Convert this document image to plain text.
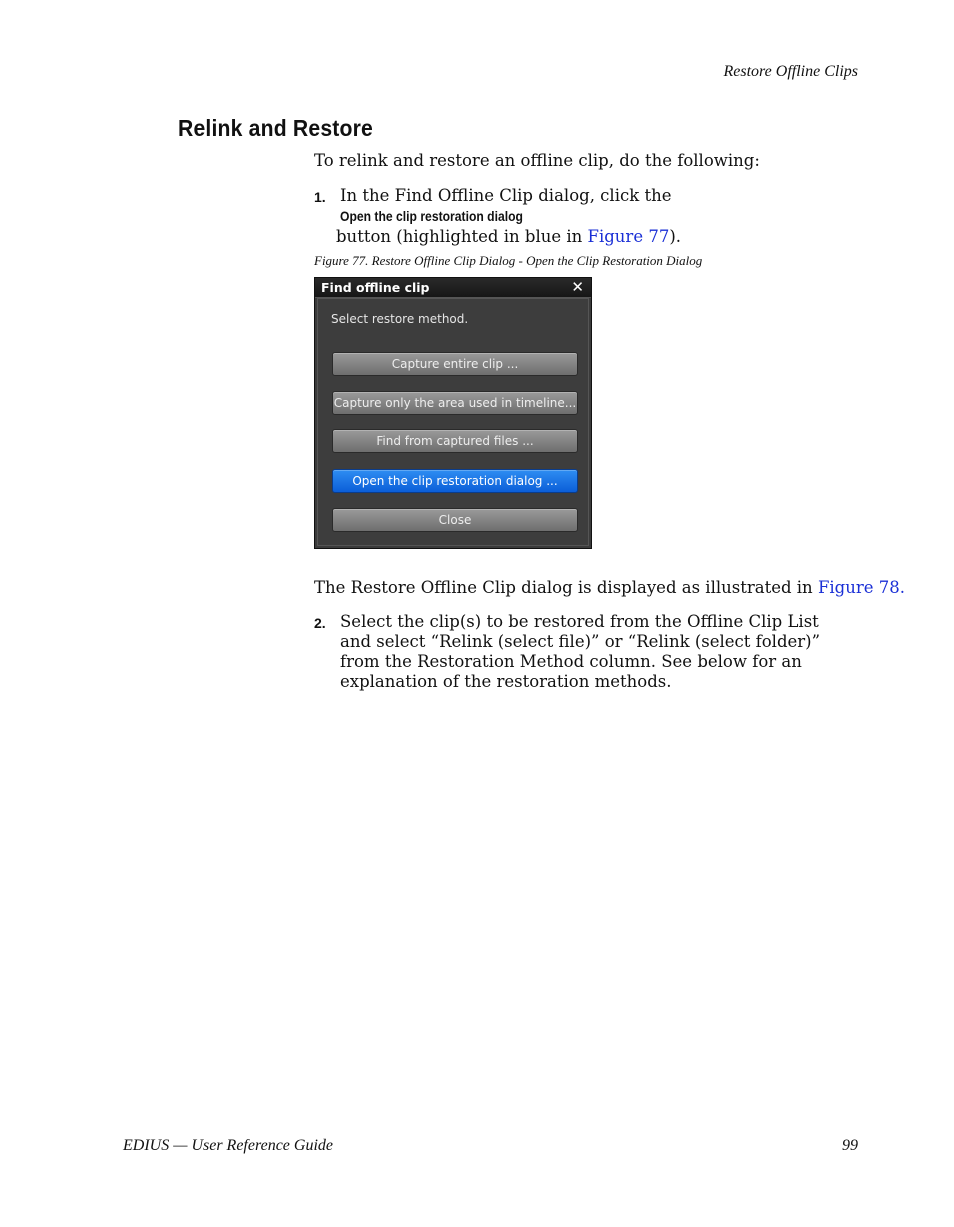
Restore Offline Clips
Relink and Restore
To relink and restore an offline clip, do the following:
1. In the Find Offline Clip dialog, click the Open the clip restoration dialog
button (highlighted in blue in Figure 77).
Figure 77. Restore Offline Clip Dialog - Open the Clip Restoration Dialog
Find offline clip	✕
Select restore method.
Capture entire clip ...
Capture only the area used in timeline...
Find from captured files ...
Open the clip restoration dialog ...
Close
The Restore Offline Clip dialog is displayed as illustrated in Figure 78.
2. Select the clip(s) to be restored from the Offline Clip List and select “Relink (select file)” or “Relink (select folder)” from the Restoration Method column. See below for an explanation of the restoration methods.
EDIUS — User Reference Guide	99
